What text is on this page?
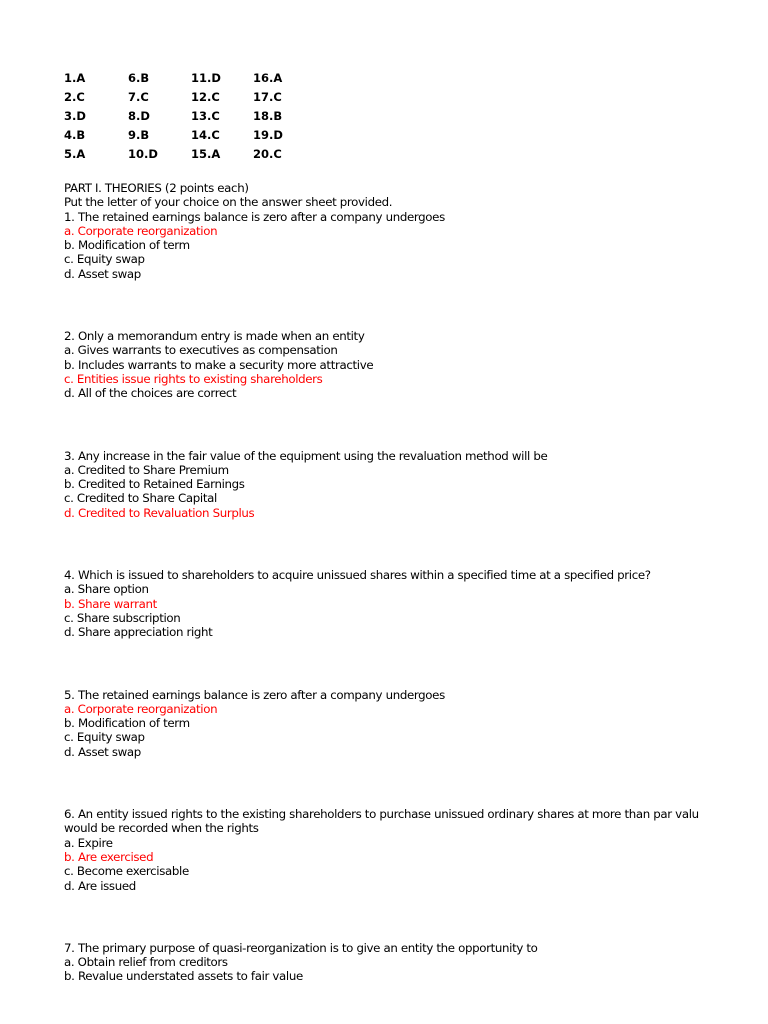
1.A	6.B	11.D	16.A
2.C	7.C	12.C	17.C
3.D	8.D	13.C	18.B
4.B	9.B	14.C	19.D
5.A	10.D	15.A	20.C
PART I. THEORIES (2 points each)
Put the letter of your choice on the answer sheet provided.
1. The retained earnings balance is zero after a company undergoes
a. Corporate reorganization
b. Modification of term
c. Equity swap
d. Asset swap
2. Only a memorandum entry is made when an entity
a. Gives warrants to executives as compensation
b. Includes warrants to make a security more attractive
c. Entities issue rights to existing shareholders
d. All of the choices are correct
3. Any increase in the fair value of the equipment using the revaluation method will be
a. Credited to Share Premium
b. Credited to Retained Earnings
c. Credited to Share Capital
d. Credited to Revaluation Surplus
4. Which is issued to shareholders to acquire unissued shares within a specified time at a specified price?
a. Share option
b. Share warrant
c. Share subscription
d. Share appreciation right
5. The retained earnings balance is zero after a company undergoes
a. Corporate reorganization
b. Modification of term
c. Equity swap
d. Asset swap
6. An entity issued rights to the existing shareholders to purchase unissued ordinary shares at more than par valu
would be recorded when the rights
a. Expire
b. Are exercised
c. Become exercisable
d. Are issued
7. The primary purpose of quasi-reorganization is to give an entity the opportunity to
a. Obtain relief from creditors
b. Revalue understated assets to fair value
